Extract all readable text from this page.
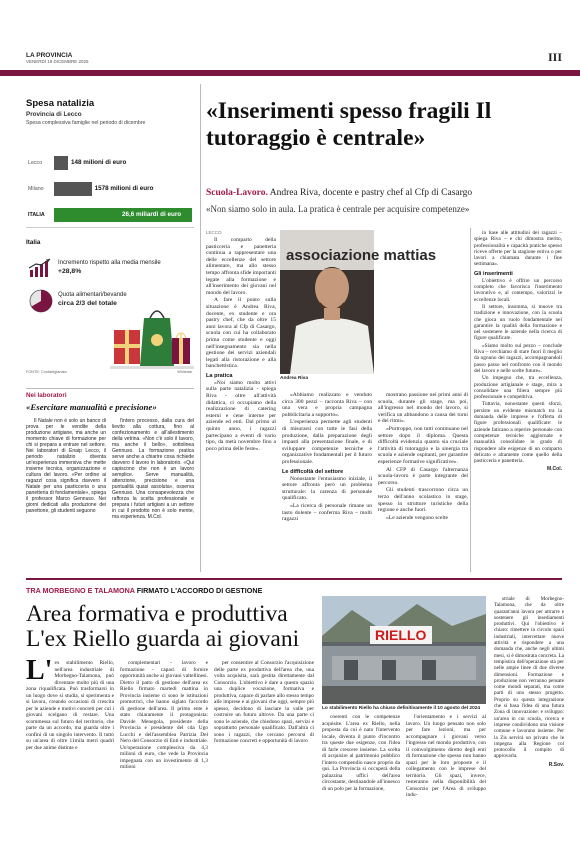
LA PROVINCIA
VENERDÌ 19 DICEMBRE 2025	III
Spesa natalizia
Provincia di Lecco
Spesa complessiva famiglie nel periodo di dicembre
Lecco	148 milioni di euro
Milano	1578 milioni di euro
ITALIA	26,6 miliardi di euro
Italia
Incremento rispetto alla media mensile
+28,8%
Quota alimentari/bevande
circa 2/3 del totale
FONTE: Confartigianato	Whitelab
«Inserimenti spesso fragili Il tutoraggio è centrale»
Scuola-Lavoro. Andrea Riva, docente e pastry chef al Cfp di Casargo
«Non siamo solo in aula. La pratica è centrale per acquisire competenze»

LECCO

Il comparto della pasticceria e panetteria continua a rappresentare una delle eccellenze del settore alimentare, ma allo stesso tempo affronta sfide importanti legate alla formazione e all'inserimento dei giovani nel mondo del lavoro.

A fare il punto sulla situazione è Andrea Riva, docente, ex studente e ora pastry chef, che da oltre 15 anni lavora al Cfp di Casargo, scuola con cui ha collaborato prima come studente e oggi nell'insegnamento sia nella gestione dei servizi aziendali legati alla ristorazione e alla banchettistica.

La pratica

«Noi siamo molto attivi sulla parte natalizia - spiega Riva - oltre all'attività didattica, ci occupiamo della realizzazione di catering esterni e cene interne per aziende ed enti. Dal primo al quinto anno, i ragazzi partecipano a eventi di vario tipo, da metà novembre fino a poco prima delle feste».

associazione mattias
Andrea Riva

«Abbiamo realizzato e venduto circa 300 pezzi – racconta Riva – con una vera e propria campagna pubblicitaria a supporto».

L'esperienza permette agli studenti di misurarsi con tutte le fasi della produzione, dalla preparazione degli impasti alla presentazione finale, e di sviluppare competenze tecniche e organizzative fondamentali per il futuro professionale.

Le difficoltà del settore

Nonostante l'entusiasmo iniziale, il settore affronta però un problema strutturale: la carenza di personale qualificato.

«La ricerca di personale rimane un tasto dolente – conferma Riva – molti ragazzi

mostrano passione nei primi anni di scuola, durante gli stage, ma poi, all'ingresso nel mondo del lavoro, si verifica un abbandono a causa dei turni e dei ritmi».

«Purtroppo, non tutti continuano nel settore dopo il diploma. Questa difficoltà evidenzia quanto sia cruciale l'attività di tutoraggio e la sinergia tra scuola e aziende ospitanti, per garantire esperienze formative significative».

Al CFP di Casargo l'alternanza scuola-lavoro è parte integrante del percorso.

Gli studenti trascorrono circa un terzo dell'anno scolastico in stage, spesso in strutture turistiche della regione e anche fuori.

«Le aziende vengono scelte

in base alle attitudini dei ragazzi – spiega Riva – e chi dimostra merito, professionalità e capacità pratiche spesso riceve offerte per la stagione estiva o per lavori a chiamata durante i fine settimana».

Gli inserimenti

L'obiettivo è offrire un percorso completo che favorisca l'inserimento lavorativo e, al contempo, valorizzi le eccellenze locali.

Il settore, insomma, si muove tra tradizione e innovazione, con la scuola che gioca un ruolo fondamentale nel garantire la qualità della formazione e nel sostenere le aziende nella ricerca di figure qualificate.

«Siamo molto sul pezzo – conclude Riva – cerchiamo di stare fuori il meglio da ognuno dei ragazzi, accompagnandoli passo passo nel confronto con il mondo del lavoro e nelle scelte future».

Un impegno che, tra eccellenza, produzione artigianale e stage, mira a consolidare una filiera sempre più professionale e competitiva.

Tuttavia, nonostante questi sforzi, persiste un evidente mismatch tra la domanda delle imprese e l'offerta di figure professionali qualificate: le aziende faticano a reperire personale con competenze tecniche aggiornate e manualità consolidate in grado di rispondere alle esigenze di un comparto delicato e altamente come quello della pasticceria e panetteria.

M.Col.

Nei laboratori
«Esercitare manualità e precisione»

Il Natale non è solo un banco di prova per le vendite della produzione artigiane, ma anche un momento chiave di formazione per chi si prepara a entrare nel settore. Nei laboratori di Enaip Lecco, il periodo natalizio diventa un'esperienza immersiva che mette insieme tecnica, organizzazione e cultura del lavoro. «Per ordine ai ragazzi cosa significa davvero il Natale per una pasticceria o una panetteria di fondamentale», spiega il professor Marco Gennuso. Nei giorni dedicati alla produzione dei panettone, gli studenti seguono

l'intero processo, dalla cura del lievito alla cottura, fino al confezionamento e all'allestimento della vetrina. «Non c'è solo il lavoro, ma anche il bello», sottolinea Gennuso. La formazione pratica serve anche a chiarire cosa richiede davvero il lavoro in laboratorio. «Qui capiscono che non è un lavoro semplice. Serve manualità, attenzione, precisione e una puntualità quasi assoluta», osserva Gennuso. Una consapevolezza che rafforza la scelta professionale e prepara i futuri artigiani a un settore in cui il prodotto non è solo mente, ma esperienza. M.Col.

TRA MORBEGNO E TALAMONA FIRMATO L'ACCORDO DI GESTIONE
Area formativa e produttiva
L'ex Riello guarda ai giovani	RIELLO
Lo stabilimento Riello ha chiuso definitivamente il 10 agosto del 2024

L' ex stabilimento Riello, nell'area industriale di Morbegno-Talamona, può diventare molto più di una zona riqualificata. Può trasformarsi in un luogo dove si studia, si sperimenta e si lavora, creando occasioni di crescita per le aziende e motivi concreti per cui i giovani scelgano di restare. Una scommessa sul futuro del territorio, che parte da un accordo, ma guarda oltre i confini di un singolo intervento. Il tutto su un'area di oltre 11mila metri quadri per due anime distinte e

complementari - lavoro e formazione - capaci di fornire opportunità anche ai giovani valtellinesi. Dietro il patto di gestione dell'area ex Riello firmato martedì mattina in Provincia insieme ci sono le istituzioni promotrici, che hanno siglato l'accordo di gestione dell'area. Il primo ente è stato chiaramente il protagonista: Davide Menegola, presidente della Provincia e presidente del cda Ugo Lucchi e dell'assemblea Patrizia Del Nero del Consorzio di Enti e industriale. Un'operazione complessiva da 4,3 milioni di euro, che vede la Provincia impegnata con un investimento di 1,3 milioni

per consentire al Consorzio l'acquisizione delle parte ex produttiva dell'area che, una volta acquisita, sarà gestita direttamente dal Consorzio. L'obiettivo è dare a questo spazio una duplice vocazione, formativa e produttiva, capace di parlare allo stesso tempo alle imprese e ai giovani che oggi, sempre più spesso, decidono di lasciare la valle per costruire un futuro altrove. Da una parte ci sono le aziende, che chiedono spazi, servizi e soprattutto personale qualificato. Dall'altra ci sono i ragazzi, che cercano percorsi di formazione concreti e opportunità di lavoro

coerenti con le competenze acquisite. L'area ex Riello, nella proposta da cui è nato l'intervento locale, diventa il punto d'incontro tra queste due esigenze, con l'idea di farle crescere insieme. La scelta di acquisire al patrimonio pubblico l'intero compendio nasce proprio da qui. La Provincia si occuperà della palazzina uffici dell'area circostante, destinandole all'innesco di un polo per la formazione,

l'orientamento e i servizi al lavoro. Un luogo pensato non solo per fare lezioni, ma per accompagnare i giovani verso l'ingresso nel mondo produttivo, con il coinvolgimento diretto degli enti di formazione che spesso non hanno spazi per le loro proposte e il collegamento con le imprese del territorio. Gli spazi, invece, resteranno nella disponibilità del Consorzio per l'Area di sviluppo indu-

striale di Morbegno-Talamona, che da oltre quarant'anni lavora per attrarre e sostenere gli insediamenti produttivi. Qui l'obiettivo è chiaro: rimettere in circolo spazi industriali, intercettare nuove attività e rispondere a una domanda che, anche negli ultimi mesi, si è dimostrata concreta. La tempistica dell'operazione sta per nelle ampie linee di due diverse dimensioni. Formazione e produzione non verranno pensate come mondi separati, ma come parti di uno stesso progetto. Proprio su questa integrazione che si basa l'idea di una futura Zona di innovazione: e sviluppo: un'area in cui scuola, ricerca e imprese condividono una visione comune e lavorano insieme. Per la Zis servirà un privato che le impegna alla Regione col protocollo il compito di approvarla.

R.Sov.
